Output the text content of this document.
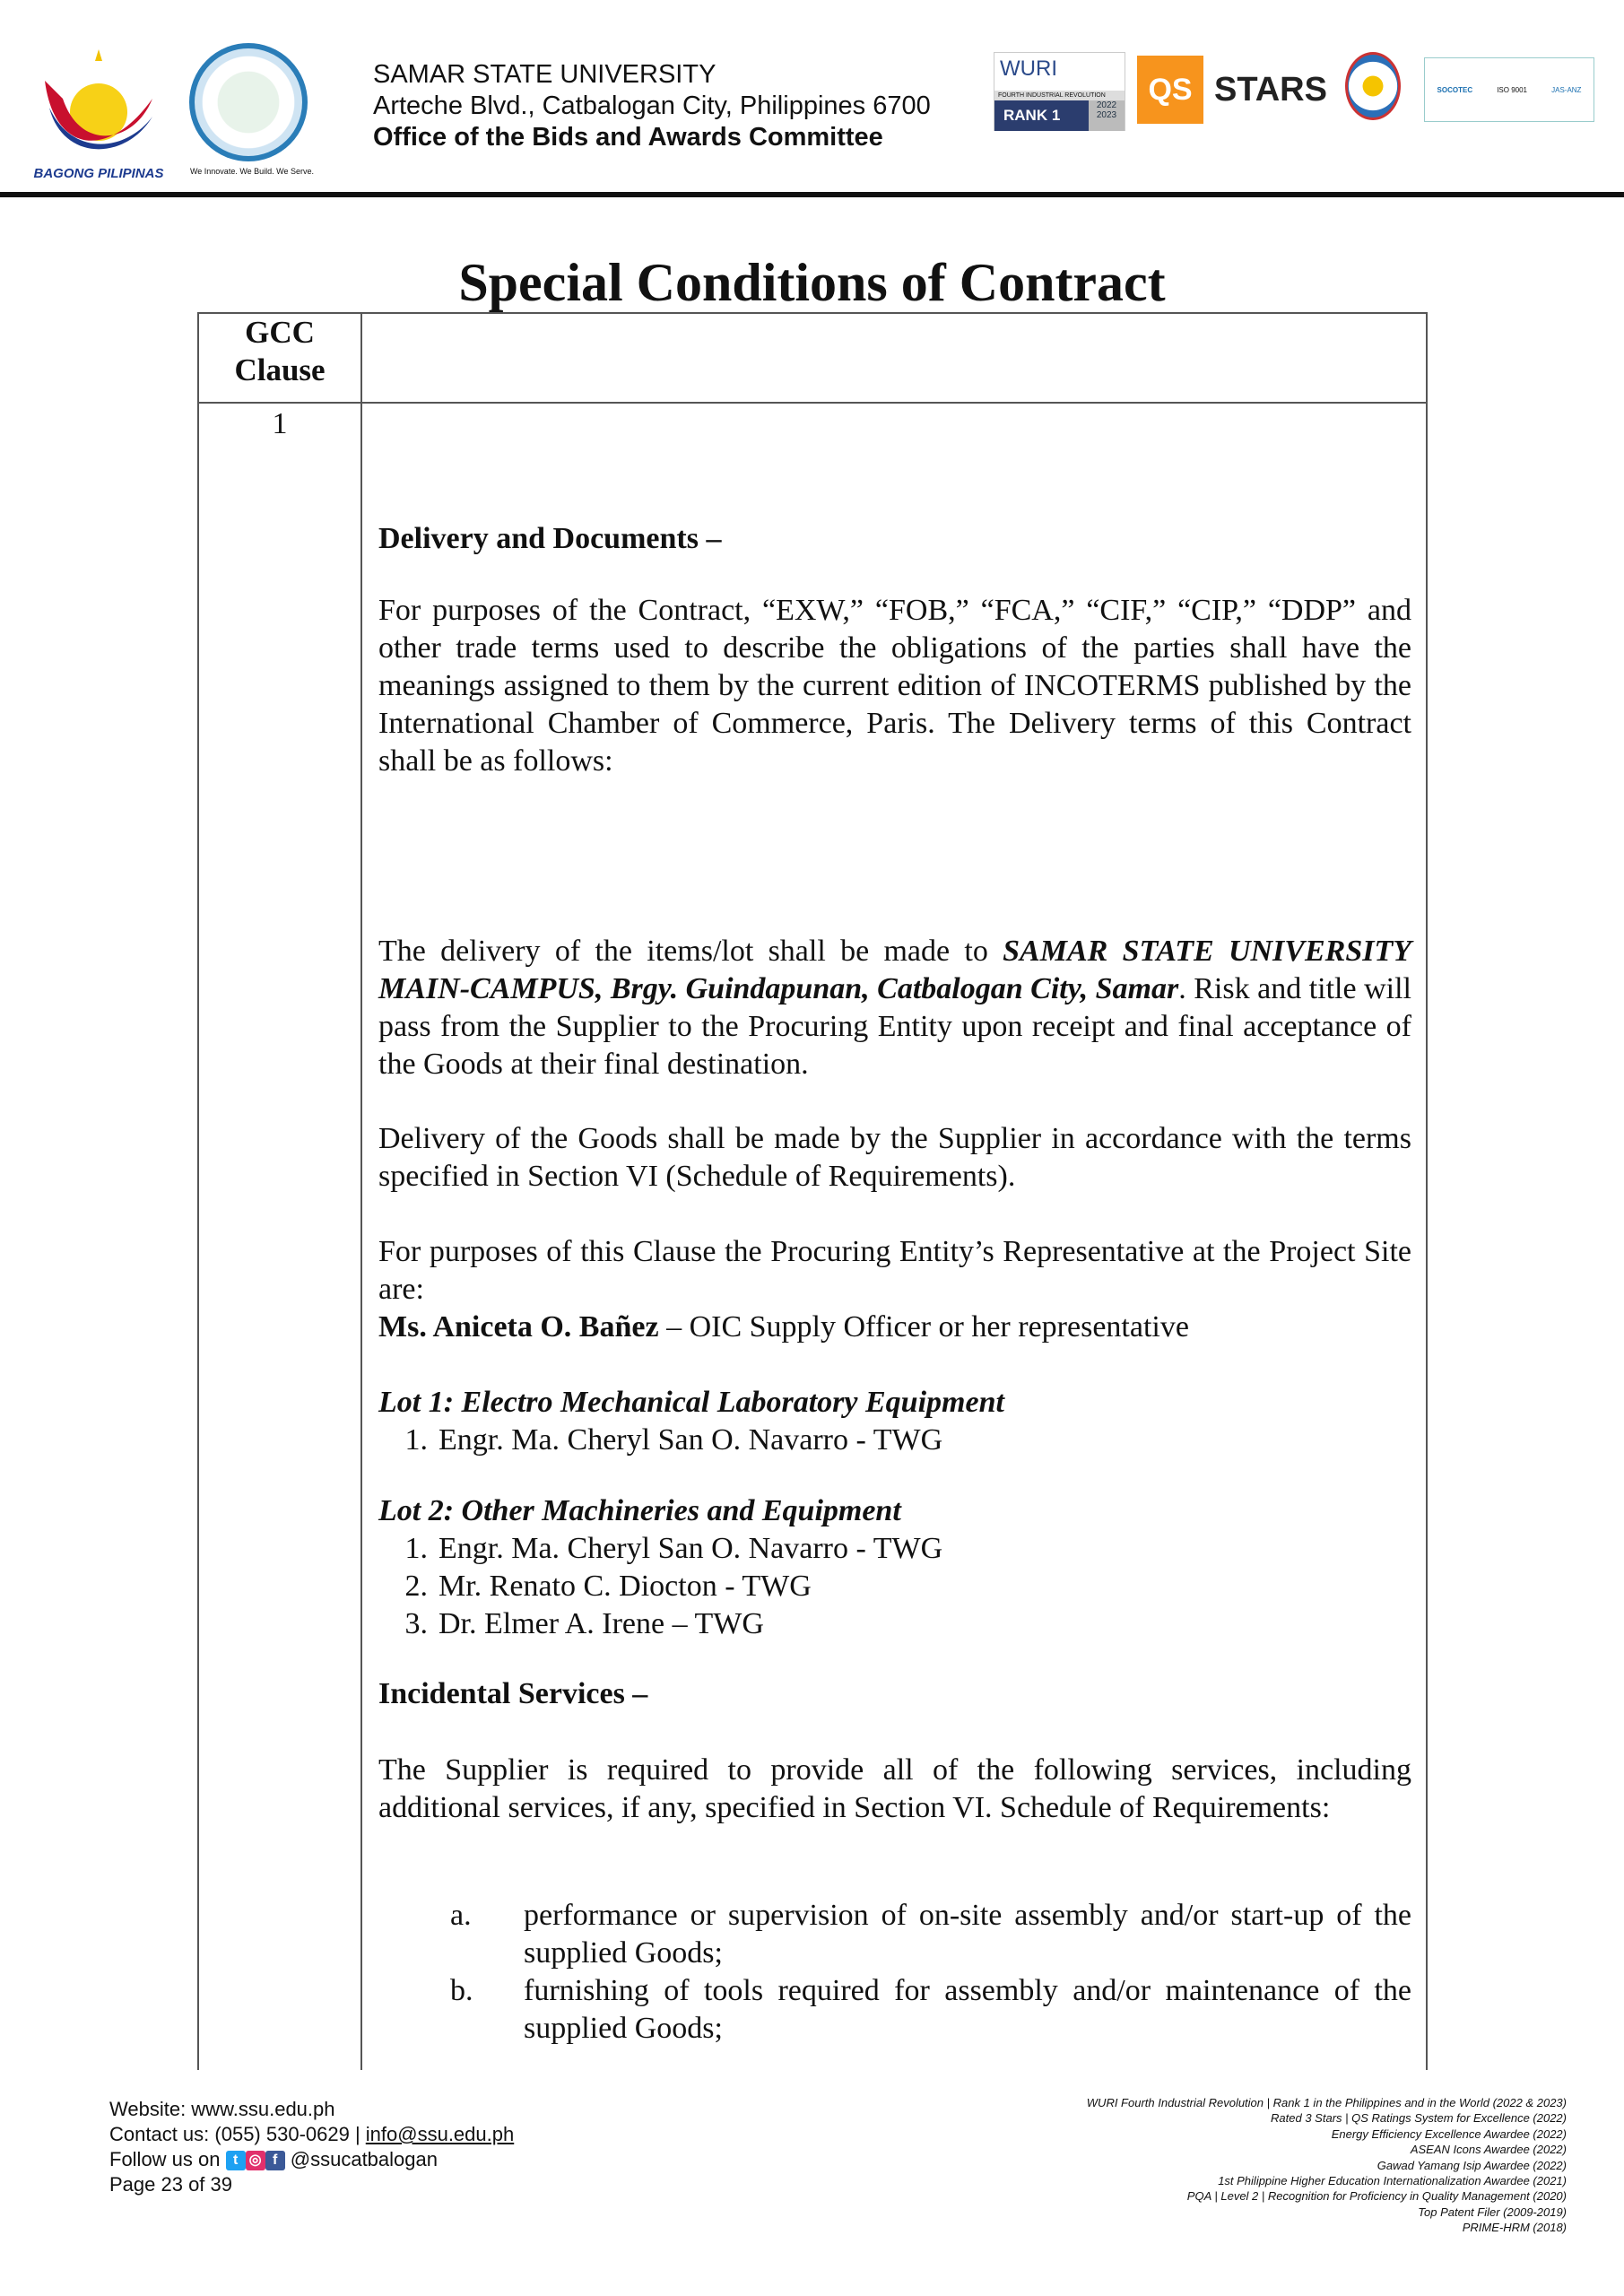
BAGONG PILIPINAS	We Innovate. We Build. We Serve.
SAMAR STATE UNIVERSITY
Arteche Blvd., Catbalogan City, Philippines 6700
Office of the Bids and Awards Committee
WURI
FOURTH INDUSTRIAL REVOLUTION
RANK 1
2022 2023
QS STARS	SOCOTEC	ISO 9001	JAS-ANZ
Special Conditions of Contract
GCC Clause
1
Delivery and Documents –
For purposes of the Contract, “EXW,” “FOB,” “FCA,” “CIF,” “CIP,” “DDP” and other trade terms used to describe the obligations of the parties shall have the meanings assigned to them by the current edition of INCOTERMS published by the International Chamber of Commerce, Paris. The Delivery terms of this Contract shall be as follows:
The delivery of the items/lot shall be made to SAMAR STATE UNIVERSITY MAIN-CAMPUS, Brgy. Guindapunan, Catbalogan City, Samar. Risk and title will pass from the Supplier to the Procuring Entity upon receipt and final acceptance of the Goods at their final destination.
Delivery of the Goods shall be made by the Supplier in accordance with the terms specified in Section VI (Schedule of Requirements).

For purposes of this Clause the Procuring Entity’s Representative at the Project Site are:

Ms. Aniceta O. Bañez – OIC Supply Officer or her representative

Lot 1: Electro Mechanical Laboratory Equipment

1. Engr. Ma. Cheryl San O. Navarro - TWG

Lot 2: Other Machineries and Equipment

1. Engr. Ma. Cheryl San O. Navarro - TWG
2. Mr. Renato C. Diocton - TWG
3. Dr. Elmer A. Irene – TWG
Incidental Services –
The Supplier is required to provide all of the following services, including additional services, if any, specified in Section VI. Schedule of Requirements:
a.	performance or supervision of on-site assembly and/or start-up of the supplied Goods;
b.	furnishing of tools required for assembly and/or maintenance of the supplied Goods;
Website: www.ssu.edu.ph
Contact us: (055) 530-0629 | info@ssu.edu.ph
Follow us on t ◎ f @ssucatbalogan
Page 23 of 39
WURI Fourth Industrial Revolution | Rank 1 in the Philippines and in the World (2022 & 2023)
Rated 3 Stars | QS Ratings System for Excellence (2022)
Energy Efficiency Excellence Awardee (2022)
ASEAN Icons Awardee (2022)
Gawad Yamang Isip Awardee (2022)
1st Philippine Higher Education Internationalization Awardee (2021)
PQA | Level 2 | Recognition for Proficiency in Quality Management (2020)
Top Patent Filer (2009-2019)
PRIME-HRM (2018)
